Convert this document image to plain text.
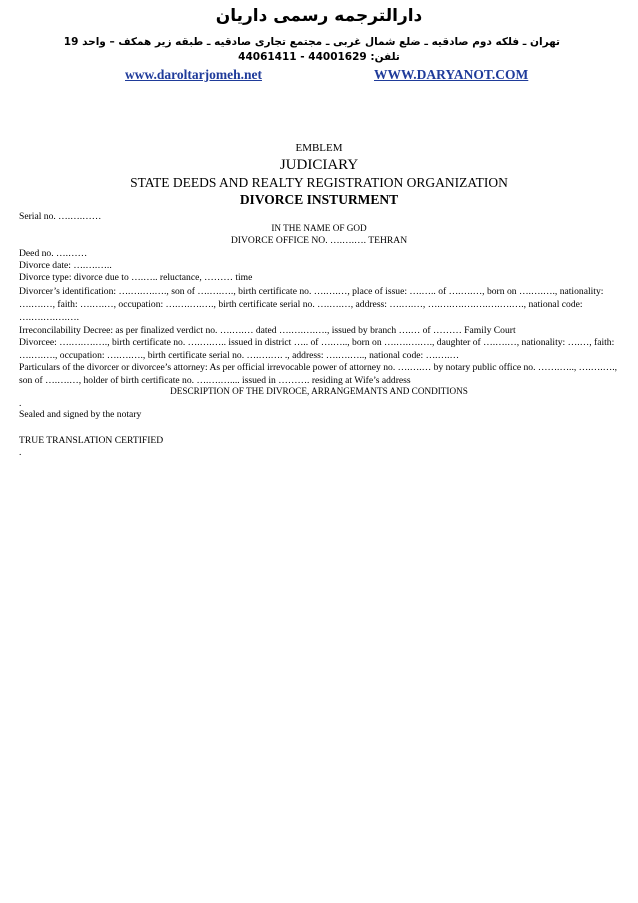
دارالترجمه رسمی داریان
تهران ـ فلکه دوم صادقیه ـ ضلع شمال غربی ـ مجتمع تجاری صادقیه ـ طبقه زیر همکف – واحد 19
تلفن: 44001629 - 44061411
www.daroltarjomeh.net	WWW.DARYANOT.COM
EMBLEM
JUDICIARY
STATE DEEDS AND REALTY REGISTRATION ORGANIZATION
DIVORCE INSTURMENT
Serial no. ….….……
IN THE NAME OF GOD
DIVORCE OFFICE NO. ….….…. TEHRAN
Deed no. ….……
Divorce date: ….….…..
Divorce type: divorce due to ….….. reluctance, ……… time
Divorcer’s identification: ….….….…., son of ….….…., birth certificate no. ….….…, place of issue: ….….. of ….….…, born on ….….…., nationality: ….….…, faith: ….….…, occupation: ….….….…., birth certificate serial no. ….….…, address: ….….…, ….….….….….….….…., national code: ….….….….….
Irreconcilability Decree: as per finalized verdict no. ….….… dated ….….….…., issued by branch ….… of ……… Family Court
Divorcee: ….….….…., birth certificate no. ….….….. issued in district ….. of ….….., born on ….….….…., daughter of ….….…, nationality: ….…, faith: ….….…., occupation: ….….…., birth certificate serial no. ….….…. ., address: ….….….., national code: ….….…
Particulars of the divorcer or divorcee’s attorney: As per official irrevocable power of attorney no. ….….… by notary public office no. …….….., ….….…., son of ….….…, holder of birth certificate no. ….….….... issued in ………. residing at Wife’s address
DESCRIPTION OF THE DIVROCE, ARRANGEMANTS AND CONDITIONS
.
Sealed and signed by the notary
TRUE TRANSLATION CERTIFIED
.
